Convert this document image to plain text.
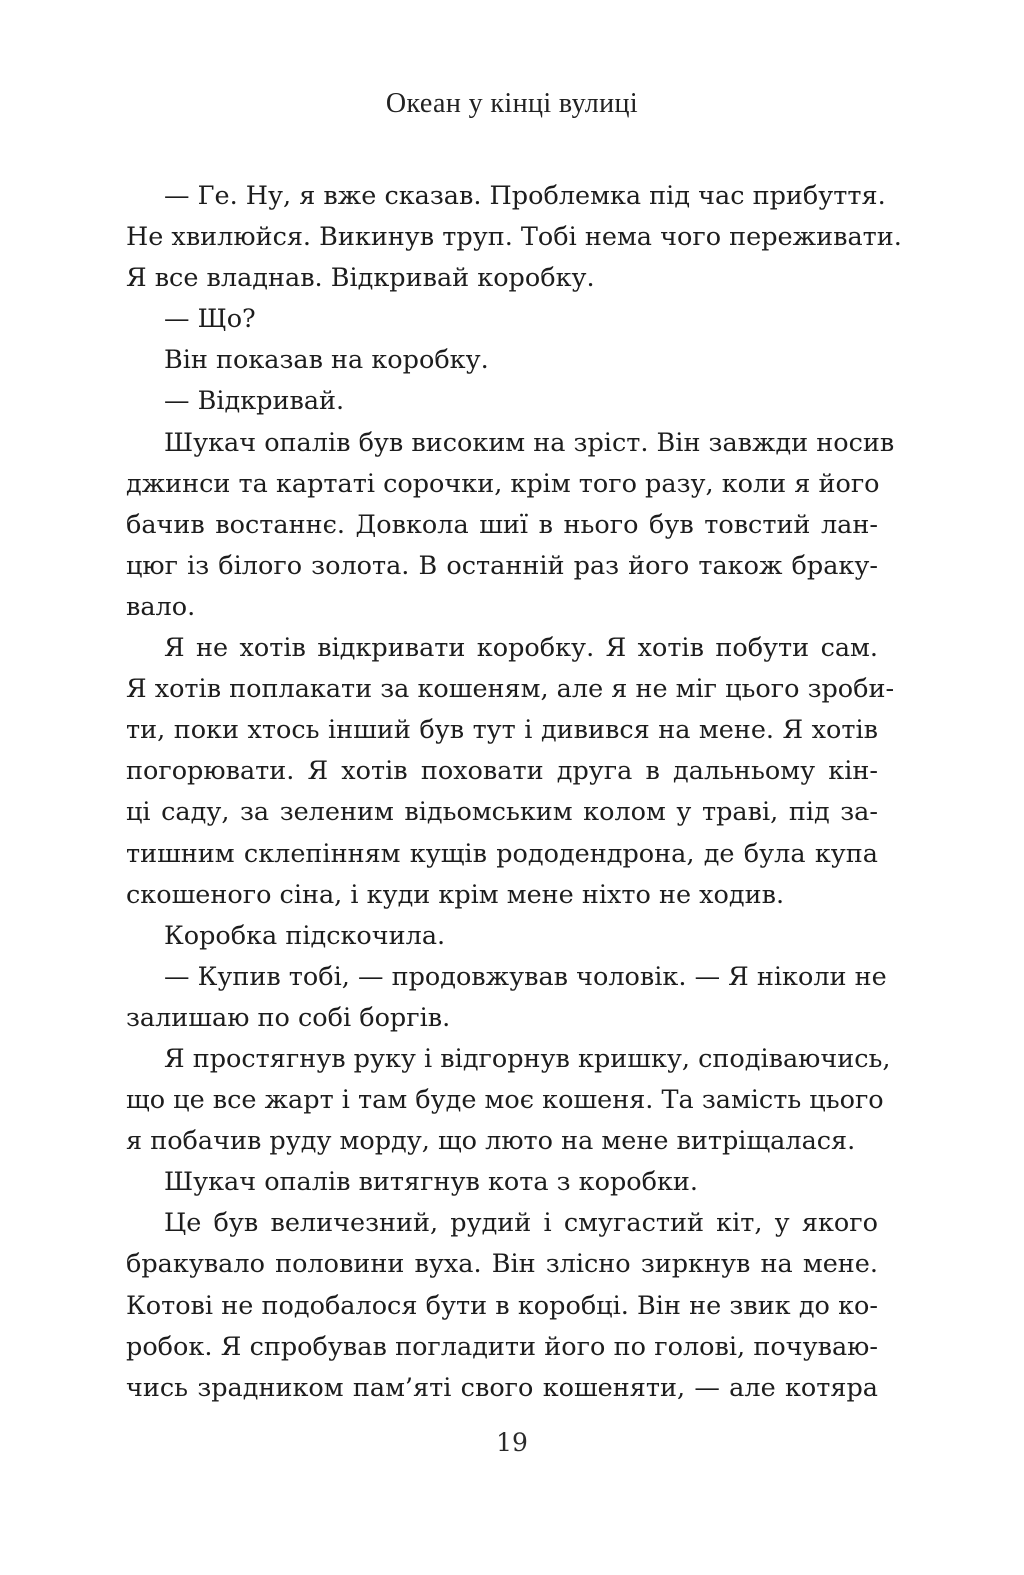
Океан у кінці вулиці
— Ге. Ну, я вже сказав. Проблемка під час прибуття.
Не хвилюйся. Викинув труп. Тобі нема чого переживати.
Я все владнав. Відкривай коробку.
— Що?
Він показав на коробку.
— Відкривай.
Шукач опалів був високим на зріст. Він завжди носив
джинси та картаті сорочки, крім того разу, коли я його
бачив востаннє. Довкола шиї в нього був товстий лан-
цюг із білого золота. В останній раз його також браку-
вало.
Я не хотів відкривати коробку. Я хотів побути сам.
Я хотів поплакати за кошеням, але я не міг цього зроби-
ти, поки хтось інший був тут і дивився на мене. Я хотів
погорювати. Я хотів поховати друга в дальньому кін-
ці саду, за зеленим відьомським колом у траві, під за-
тишним склепінням кущів рододендрона, де була купа
скошеного сіна, і куди крім мене ніхто не ходив.
Коробка підскочила.
— Купив тобі, — продовжував чоловік. — Я ніколи не
залишаю по собі боргів.
Я простягнув руку і відгорнув кришку, сподіваючись,
що це все жарт і там буде моє кошеня. Та замість цього
я побачив руду морду, що люто на мене витріщалася.
Шукач опалів витягнув кота з коробки.
Це був величезний, рудий і смугастий кіт, у якого
бракувало половини вуха. Він злісно зиркнув на мене.
Котові не подобалося бути в коробці. Він не звик до ко-
робок. Я спробував погладити його по голові, почуваю-
чись зрадником пам’яті свого кошеняти, — але котяра
19
